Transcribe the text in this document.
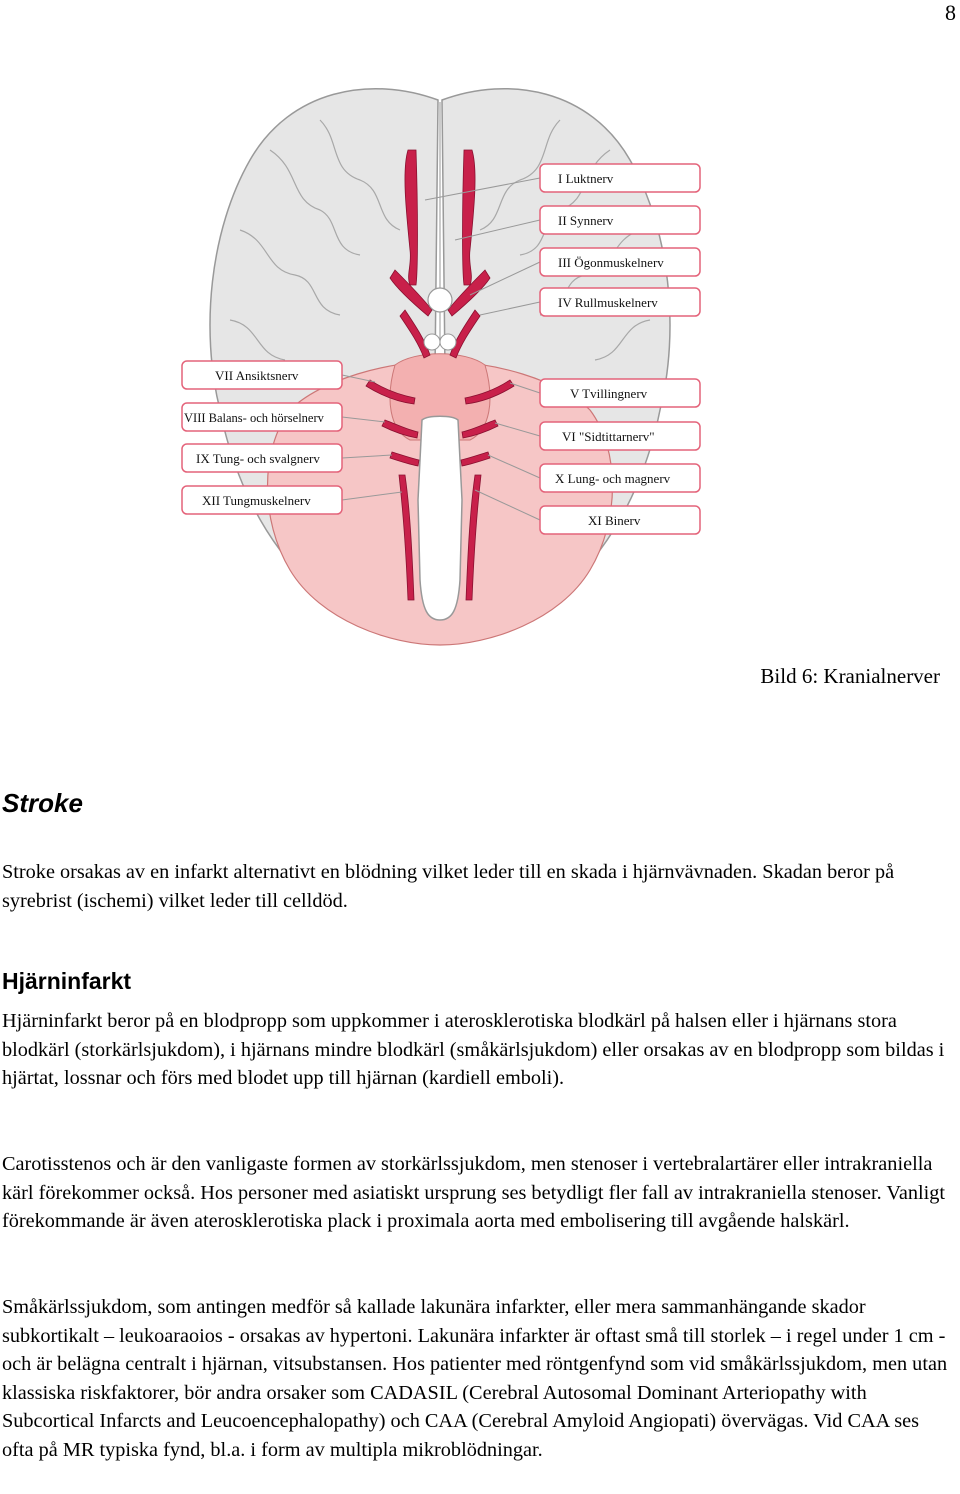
8
I Luktnerv
II Synnerv
III Ögonmuskelnerv
IV Rullmuskelnerv
V Tvillingnerv
VI "Sidtittarnerv"
X Lung- och magnerv
XI Binerv
VII Ansiktsnerv
VIII Balans- och hörselnerv
IX Tung- och svalgnerv
XII Tungmuskelnerv
Bild 6: Kranialnerver
Stroke

Stroke orsakas av en infarkt alternativt en blödning vilket leder till en skada i hjärnvävnaden. Skadan beror på syrebrist (ischemi) vilket leder till celldöd.

Hjärninfarkt

Hjärninfarkt beror på en blodpropp som uppkommer i aterosklerotiska blodkärl på halsen eller i hjärnans stora blodkärl (storkärlsjukdom), i hjärnans mindre blodkärl (småkärlsjukdom) eller orsakas av en blodpropp som bildas i hjärtat, lossnar och förs med blodet upp till hjärnan (kardiell emboli).

Carotisstenos och är den vanligaste formen av storkärlssjukdom, men stenoser i vertebralartärer eller intrakraniella kärl förekommer också. Hos personer med asiatiskt ursprung ses betydligt fler fall av intrakraniella stenoser. Vanligt förekommande är även aterosklerotiska plack i proximala aorta med embolisering till avgående halskärl.

Småkärlssjukdom, som antingen medför så kallade lakunära infarkter, eller mera sammanhängande skador subkortikalt – leukoaraoios - orsakas av hypertoni. Lakunära infarkter är oftast små till storlek – i regel under 1 cm - och är belägna centralt i hjärnan, vitsubstansen. Hos patienter med röntgenfynd som vid småkärlssjukdom, men utan klassiska riskfaktorer, bör andra orsaker som CADASIL (Cerebral Autosomal Dominant Arteriopathy with Subcortical Infarcts and Leucoencephalopathy) och CAA (Cerebral Amyloid Angiopati) övervägas. Vid CAA ses ofta på MR typiska fynd, bl.a. i form av multipla mikroblödningar.
